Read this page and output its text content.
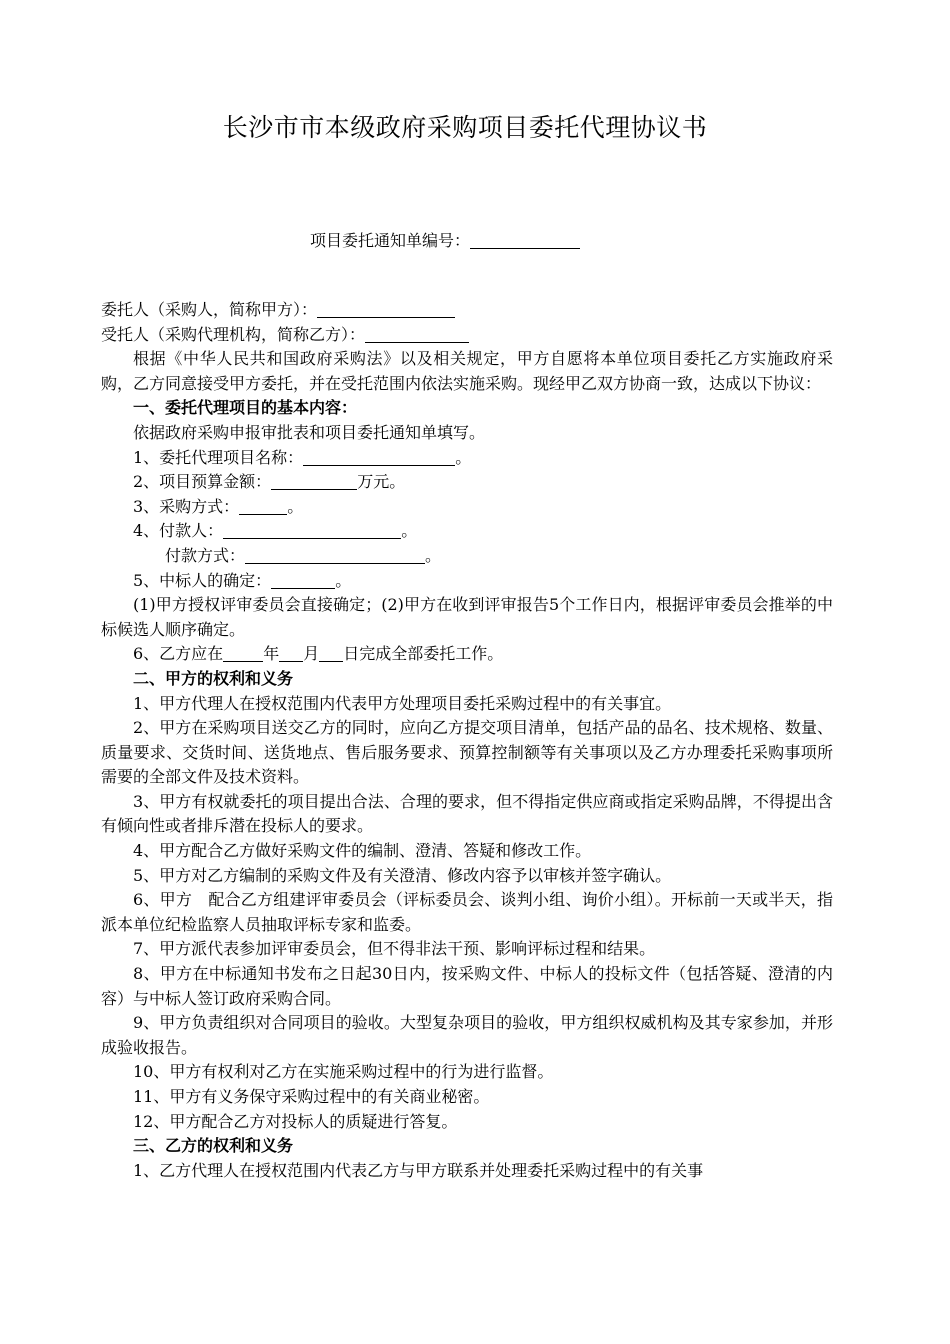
长沙市市本级政府采购项目委托代理协议书
项目委托通知单编号：

委托人（采购人，简称甲方）：

受托人（采购代理机构，简称乙方）：

根据《中华人民共和国政府采购法》以及相关规定，甲方自愿将本单位项目委托乙方实施政府采购，乙方同意接受甲方委托，并在受托范围内依法实施采购。现经甲乙双方协商一致，达成以下协议：

一、委托代理项目的基本内容：

依据政府采购申报审批表和项目委托通知单填写。

1、委托代理项目名称：	。

2、项目预算金额：	万元。

3、采购方式：	。

4、付款人：	。

付款方式：	。

5、中标人的确定：	。

(1)甲方授权评审委员会直接确定；(2)甲方在收到评审报告5个工作日内，根据评审委员会推举的中标候选人顺序确定。

6、乙方应在	年 月 日完成全部委托工作。

二、甲方的权利和义务

1、甲方代理人在授权范围内代表甲方处理项目委托采购过程中的有关事宜。

2、甲方在采购项目送交乙方的同时，应向乙方提交项目清单，包括产品的品名、技术规格、数量、质量要求、交货时间、送货地点、售后服务要求、预算控制额等有关事项以及乙方办理委托采购事项所需要的全部文件及技术资料。

3、甲方有权就委托的项目提出合法、合理的要求，但不得指定供应商或指定采购品牌，不得提出含有倾向性或者排斥潜在投标人的要求。

4、甲方配合乙方做好采购文件的编制、澄清、答疑和修改工作。

5、甲方对乙方编制的采购文件及有关澄清、修改内容予以审核并签字确认。

6、甲方　配合乙方组建评审委员会（评标委员会、谈判小组、询价小组）。开标前一天或半天，指派本单位纪检监察人员抽取评标专家和监委。

7、甲方派代表参加评审委员会，但不得非法干预、影响评标过程和结果。

8、甲方在中标通知书发布之日起30日内，按采购文件、中标人的投标文件（包括答疑、澄清的内容）与中标人签订政府采购合同。

9、甲方负责组织对合同项目的验收。大型复杂项目的验收，甲方组织权威机构及其专家参加，并形成验收报告。

10、甲方有权利对乙方在实施采购过程中的行为进行监督。

11、甲方有义务保守采购过程中的有关商业秘密。

12、甲方配合乙方对投标人的质疑进行答复。

三、乙方的权利和义务

1、乙方代理人在授权范围内代表乙方与甲方联系并处理委托采购过程中的有关事
